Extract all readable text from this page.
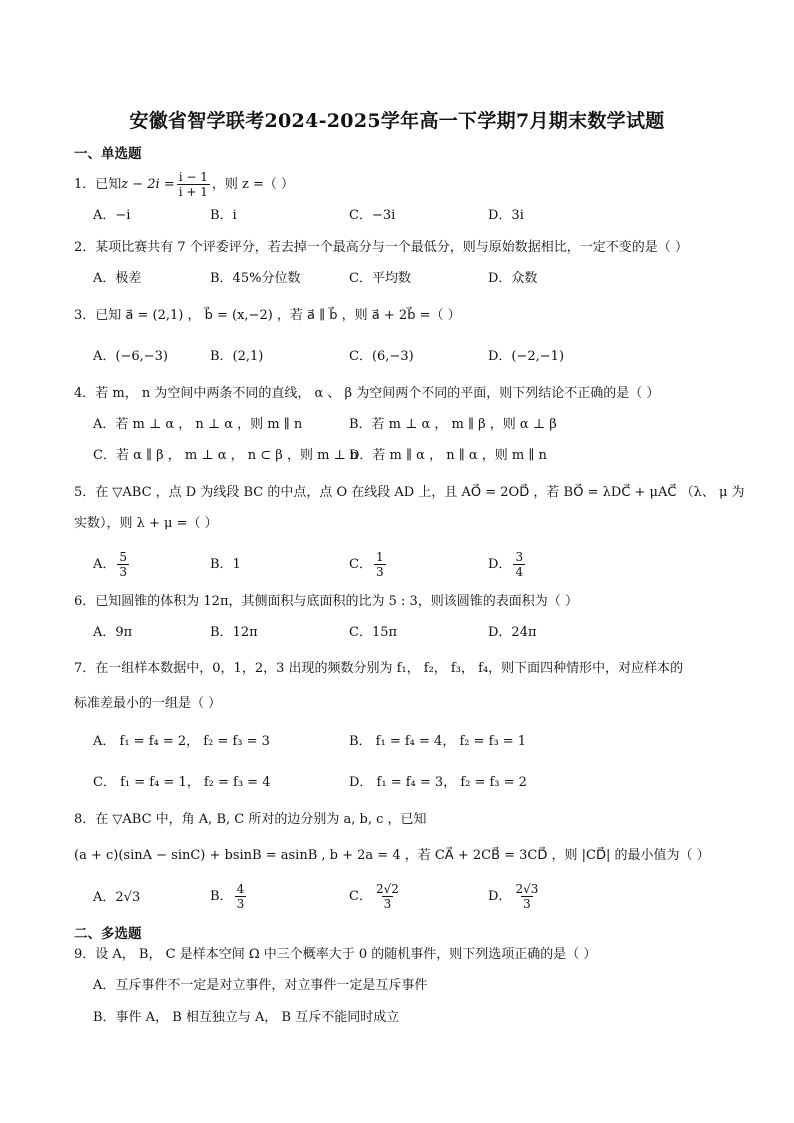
安徽省智学联考2024-2025学年高一下学期7月期末数学试题
一、单选题
1．已知$z - 2i = \frac{i - 1}{i + 1}$ ，则 z =（ ）
A．−i	B．i	C．−3i	D．3i
2．某项比赛共有 7 个评委评分，若去掉一个最高分与一个最低分，则与原始数据相比，一定不变的是（ ）
A．极差	B．45%分位数	C．平均数	D．众数
3．已知 a⃗ = (2,1) ， b⃗ = (x,−2) ，若 a⃗ ∥ b⃗ ，则 a⃗ + 2b⃗ =（ ）
A．(−6,−3)	B．(2,1)	C．(6,−3)	D．(−2,−1)
4．若 m， n 为空间中两条不同的直线， α 、 β 为空间两个不同的平面，则下列结论不正确的是（ ）
A．若 m ⊥ α ， n ⊥ α ，则 m ∥ n	B．若 m ⊥ α ， m ∥ β ，则 α ⊥ β
C．若 α ∥ β ， m ⊥ α ， n ⊂ β ，则 m ⊥ n
D．若 m ∥ α ， n ∥ α ，则 m ∥ n
5．在 ▽ABC ，点 D 为线段 BC 的中点，点 O 在线段 AD 上，且 AO⃗ = 2OD⃗ ，若 BO⃗ = λDC⃗ + μAC⃗ （λ、 μ 为
实数），则 λ + μ =（ ）
A． $\frac{5}{3}$	B．1	C． $\frac{1}{3}$	D． $\frac{3}{4}$
6．已知圆锥的体积为 12π，其侧面积与底面积的比为 5 : 3，则该圆锥的表面积为（ ）
A．9π	B．12π	C．15π	D．24π
7．在一组样本数据中，0，1，2，3 出现的频数分别为 f₁， f₂， f₃， f₄，则下面四种情形中，对应样本的
标准差最小的一组是（ ）
A． f₁ = f₄ = 2， f₂ = f₃ = 3	B． f₁ = f₄ = 4， f₂ = f₃ = 1
C． f₁ = f₄ = 1， f₂ = f₃ = 4	D． f₁ = f₄ = 3， f₂ = f₃ = 2
8．在 ▽ABC 中，角 A, B, C 所对的边分别为 a, b, c ，已知
(a + c)(sinA − sinC) + bsinB = asinB , b + 2a = 4 ，若 CA⃗ + 2CB⃗ = 3CD⃗ ，则 |CD⃗| 的最小值为（ ）
A．2√3	B． $\frac{4}{3}$	C． $\frac{2√2}{3}$	D． $\frac{2√3}{3}$
二、多选题
9．设 A， B， C 是样本空间 Ω 中三个概率大于 0 的随机事件，则下列选项正确的是（ ）
A．互斥事件不一定是对立事件，对立事件一定是互斥事件
B．事件 A， B 相互独立与 A， B 互斥不能同时成立
